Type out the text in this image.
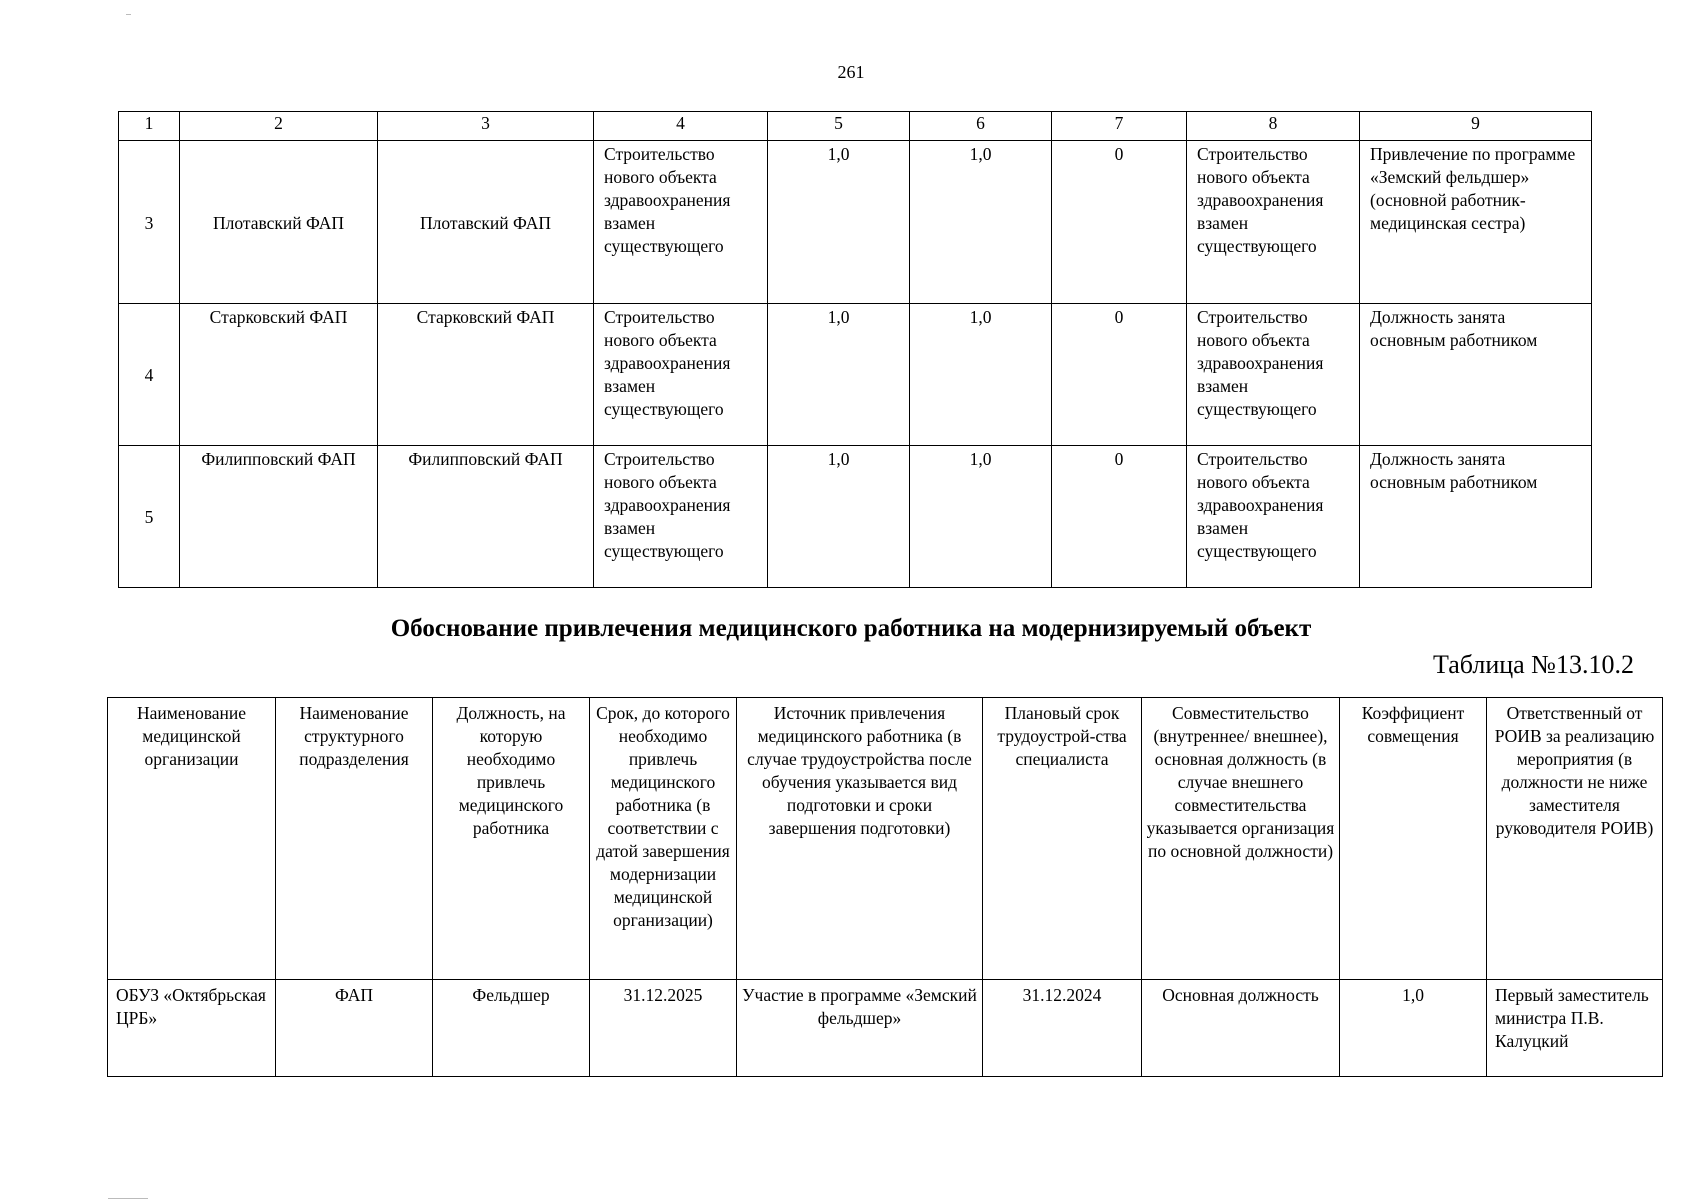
261
1	2	3	4	5	6	7	8	9
3	Плотавский ФАП	Плотавский ФАП	Строительство нового объекта здравоохранения взамен существующего	1,0	1,0	0	Строительство нового объекта здравоохранения взамен существующего	Привлечение по программе «Земский фельдшер» (основной работник- медицинская сестра)
4	Старковский ФАП	Старковский ФАП	Строительство нового объекта здравоохранения взамен существующего	1,0	1,0	0	Строительство нового объекта здравоохранения взамен существующего	Должность занята основным работником
5	Филипповский ФАП	Филипповский ФАП	Строительство нового объекта здравоохранения взамен существующего	1,0	1,0	0	Строительство нового объекта здравоохранения взамен существующего	Должность занята основным работником
Обоснование привлечения медицинского работника на модернизируемый объект
Таблица №13.10.2
Наименование медицинской организации	Наименование структурного подразделения	Должность, на которую необходимо привлечь медицинского работника	Срок, до которого необходимо привлечь медицинского работника (в соответствии с датой завершения модернизации медицинской организации)	Источник привлечения медицинского работника (в случае трудоустройства после обучения указывается вид подготовки и сроки завершения подготовки)	Плановый срок трудоустрой-ства специалиста	Совместительство (внутреннее/ внешнее), основная должность (в случае внешнего совместительства указывается организация по основной должности)	Коэффициент совмещения	Ответственный от РОИВ за реализацию мероприятия (в должности не ниже заместителя руководителя РОИВ)
ОБУЗ «Октябрьская ЦРБ»	ФАП	Фельдшер	31.12.2025	Участие в программе «Земский фельдшер»	31.12.2024	Основная должность	1,0	Первый заместитель министра П.В. Калуцкий
